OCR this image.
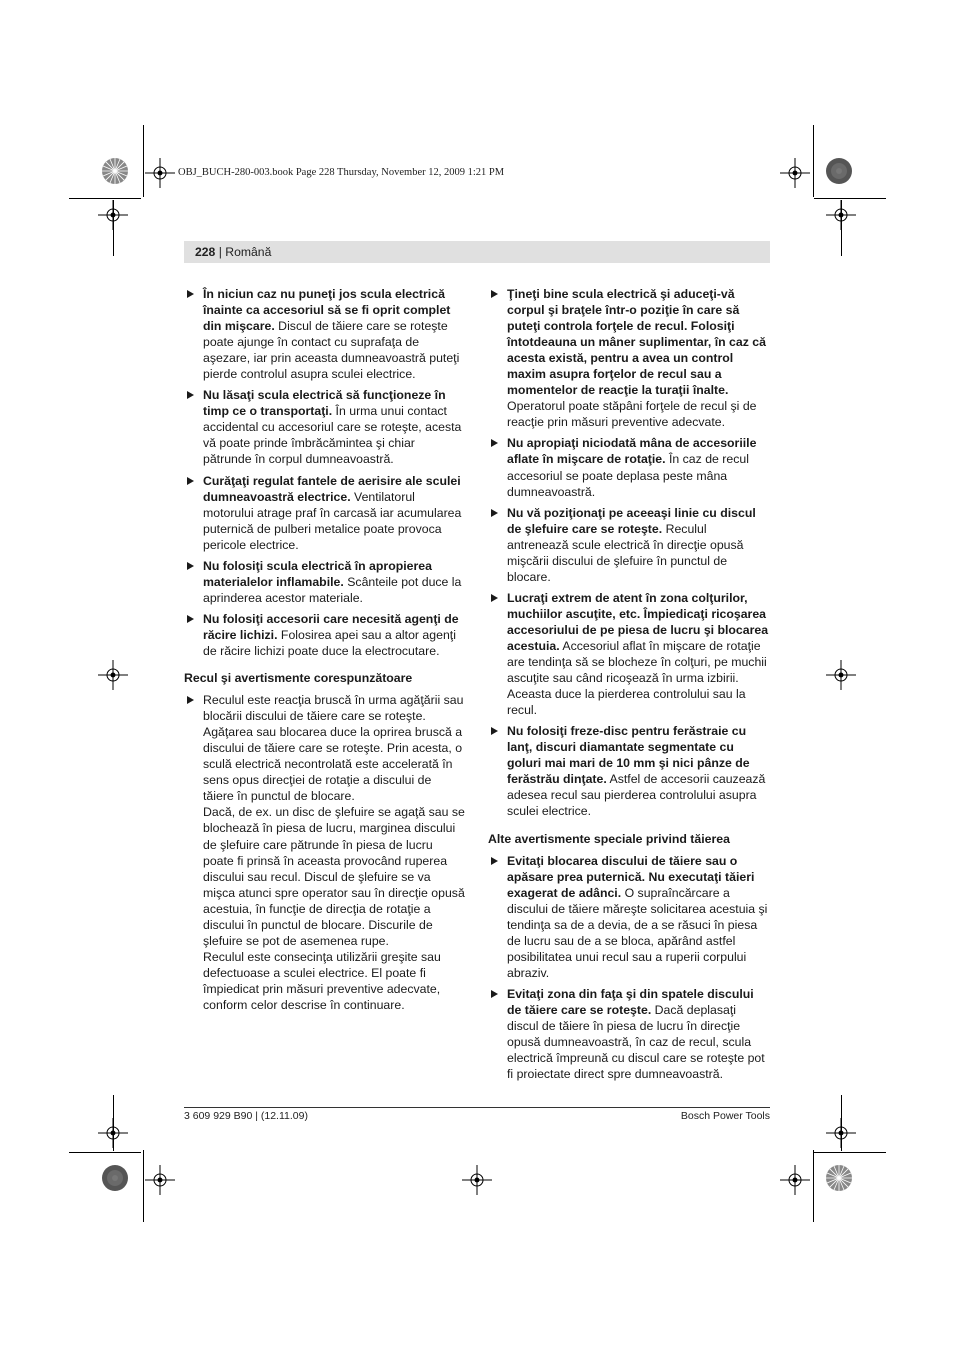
OBJ_BUCH-280-003.book Page 228 Thursday, November 12, 2009 1:21 PM
228 | Română
În niciun caz nu puneţi jos scula electrică înainte ca accesoriul să se fi oprit complet din mişcare. Discul de tăiere care se roteşte poate ajunge în contact cu suprafaţa de aşezare, iar prin aceasta dumneavoastră puteţi pierde controlul asupra sculei electrice.
Nu lăsaţi scula electrică să funcţioneze în timp ce o transportaţi. În urma unui contact accidental cu accesoriul care se roteşte, acesta vă poate prinde îmbrăcămintea şi chiar pătrunde în corpul dumneavoastră.
Curăţaţi regulat fantele de aerisire ale sculei dumneavoastră electrice. Ventilatorul motorului atrage praf în carcasă iar acumularea puternică de pulberi metalice poate provoca pericole electrice.
Nu folosiţi scula electrică în apropierea materialelor inflamabile. Scânteile pot duce la aprinderea acestor materiale.
Nu folosiţi accesorii care necesită agenţi de răcire lichizi. Folosirea apei sau a altor agenţi de răcire lichizi poate duce la electrocutare.
Recul şi avertismente corespunzătoare
Reculul este reacţia bruscă în urma agăţării sau blocării discului de tăiere care se roteşte. Agăţarea sau blocarea duce la oprirea bruscă a discului de tăiere care se roteşte. Prin acesta, o sculă electrică necontrolată este accelerată în sens opus direcţiei de rotaţie a discului de tăiere în punctul de blocare.
Dacă, de ex. un disc de şlefuire se agaţă sau se blochează în piesa de lucru, marginea discului de şlefuire care pătrunde în piesa de lucru poate fi prinsă în aceasta provocând ruperea discului sau recul. Discul de şlefuire se va mişca atunci spre operator sau în direcţie opusă acestuia, în funcţie de direcţia de rotaţie a discului în punctul de blocare. Discurile de şlefuire se pot de asemenea rupe.
Reculul este consecinţa utilizării greşite sau defectuoase a sculei electrice. El poate fi împiedicat prin măsuri preventive adecvate, conform celor descrise în continuare.
Ţineţi bine scula electrică şi aduceţi-vă corpul şi braţele într-o poziţie în care să puteţi controla forţele de recul. Folosiţi întotdeauna un mâner suplimentar, în caz că acesta există, pentru a avea un control maxim asupra forţelor de recul sau a momentelor de reacţie la turaţii înalte. Operatorul poate stăpâni forţele de recul şi de reacţie prin măsuri preventive adecvate.
Nu apropiaţi niciodată mâna de accesoriile aflate în mişcare de rotaţie. În caz de recul accesoriul se poate deplasa peste mâna dumneavoastră.
Nu vă poziţionaţi pe aceeaşi linie cu discul de şlefuire care se roteşte. Reculul antrenează scule electrică în direcţie opusă mişcării discului de şlefuire în punctul de blocare.
Lucraţi extrem de atent în zona colţurilor, muchiilor ascuţite, etc. Împiedicaţi ricoşarea accesoriului de pe piesa de lucru şi blocarea acestuia. Accesoriul aflat în mişcare de rotaţie are tendinţa să se blocheze în colţuri, pe muchii ascuţite sau când ricoşează în urma izbirii. Aceasta duce la pierderea controlului sau la recul.
Nu folosiţi freze-disc pentru ferăstraie cu lanţ, discuri diamantate segmentate cu goluri mai mari de 10 mm şi nici pânze de ferăstrău dinţate. Astfel de accesorii cauzează adesea recul sau pierderea controlului asupra sculei electrice.
Alte avertismente speciale privind tăierea
Evitaţi blocarea discului de tăiere sau o apăsare prea puternică. Nu executaţi tăieri exagerat de adânci. O supraîncărcare a discului de tăiere măreşte solicitarea acestuia şi tendinţa sa de a devia, de a se răsuci în piesa de lucru sau de a se bloca, apărând astfel posibilitatea unui recul sau a ruperii corpului abraziv.
Evitaţi zona din faţa şi din spatele discului de tăiere care se roteşte. Dacă deplasaţi discul de tăiere în piesa de lucru în direcţie opusă dumneavoastră, în caz de recul, scula electrică împreună cu discul care se roteşte pot fi proiectate direct spre dumneavoastră.
3 609 929 B90 | (12.11.09)	Bosch Power Tools
